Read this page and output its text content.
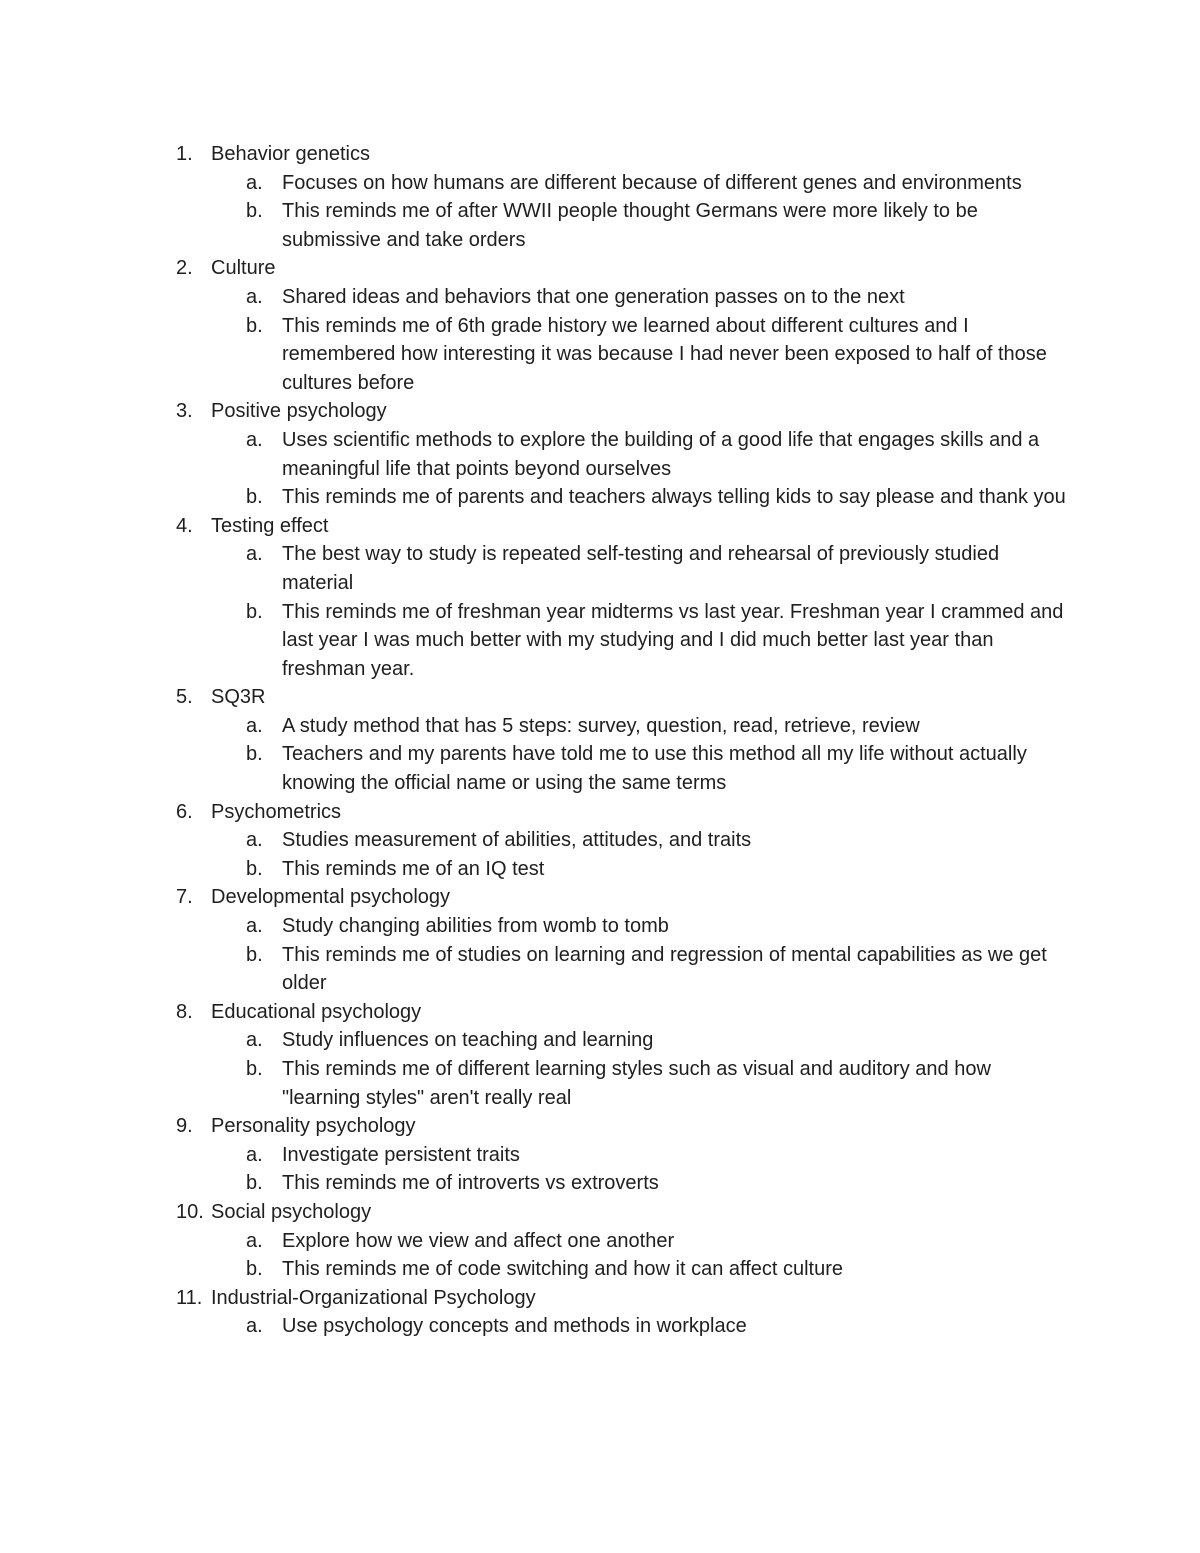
1. Behavior genetics
a. Focuses on how humans are different because of different genes and environments
b. This reminds me of after WWII people thought Germans were more likely to be submissive and take orders
2. Culture
a. Shared ideas and behaviors that one generation passes on to the next
b. This reminds me of 6th grade history we learned about different cultures and I remembered how interesting it was because I had never been exposed to half of those cultures before
3. Positive psychology
a. Uses scientific methods to explore the building of a good life that engages skills and a meaningful life that points beyond ourselves
b. This reminds me of parents and teachers always telling kids to say please and thank you
4. Testing effect
a. The best way to study is repeated self-testing and rehearsal of previously studied material
b. This reminds me of freshman year midterms vs last year. Freshman year I crammed and last year I was much better with my studying and I did much better last year than freshman year.
5. SQ3R
a. A study method that has 5 steps: survey, question, read, retrieve, review
b. Teachers and my parents have told me to use this method all my life without actually knowing the official name or using the same terms
6. Psychometrics
a. Studies measurement of abilities, attitudes, and traits
b. This reminds me of an IQ test
7. Developmental psychology
a. Study changing abilities from womb to tomb
b. This reminds me of studies on learning and regression of mental capabilities as we get older
8. Educational psychology
a. Study influences on teaching and learning
b. This reminds me of different learning styles such as visual and auditory and how "learning styles" aren't really real
9. Personality psychology
a. Investigate persistent traits
b. This reminds me of introverts vs extroverts
10. Social psychology
a. Explore how we view and affect one another
b. This reminds me of code switching and how it can affect culture
11. Industrial-Organizational Psychology
a. Use psychology concepts and methods in workplace
